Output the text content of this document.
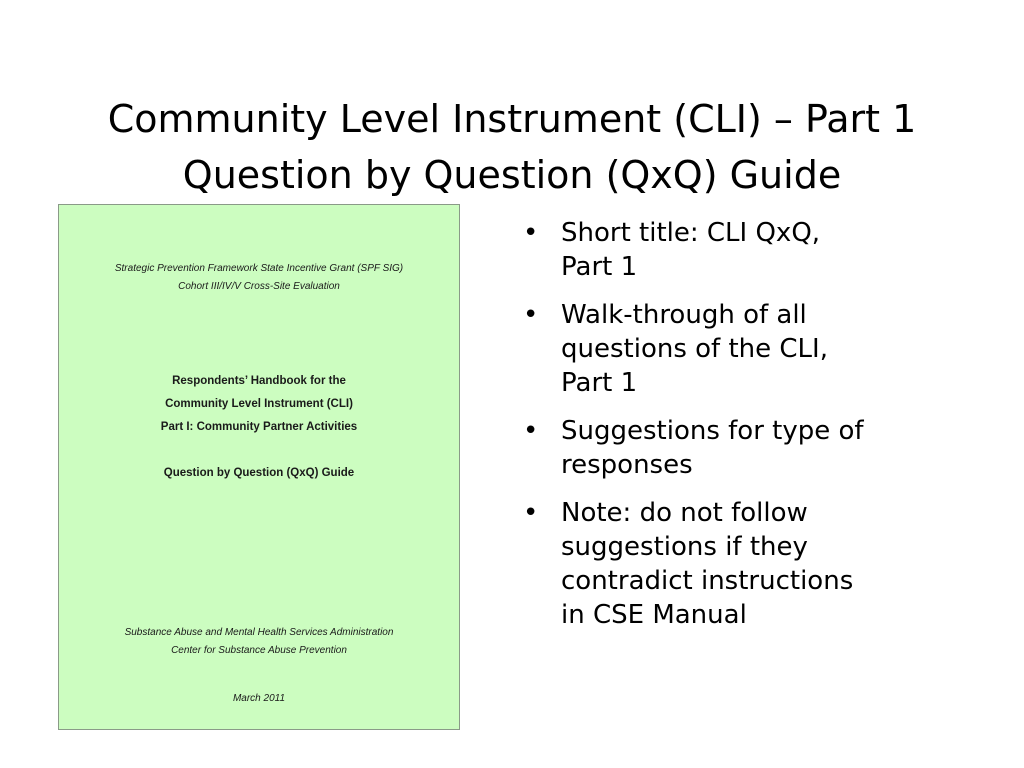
Community Level Instrument (CLI) – Part 1
Question by Question (QxQ) Guide
Strategic Prevention Framework State Incentive Grant (SPF SIG)
Cohort III/IV/V Cross-Site Evaluation
Respondents’ Handbook for the
Community Level Instrument (CLI)
Part I: Community Partner Activities
Question by Question (QxQ) Guide
Substance Abuse and Mental Health Services Administration
Center for Substance Abuse Prevention
March 2011
• Short title: CLI QxQ,
Part 1
• Walk-through of all
questions of the CLI,
Part 1
• Suggestions for type of
responses
• Note: do not follow
suggestions if they
contradict instructions
in CSE Manual
